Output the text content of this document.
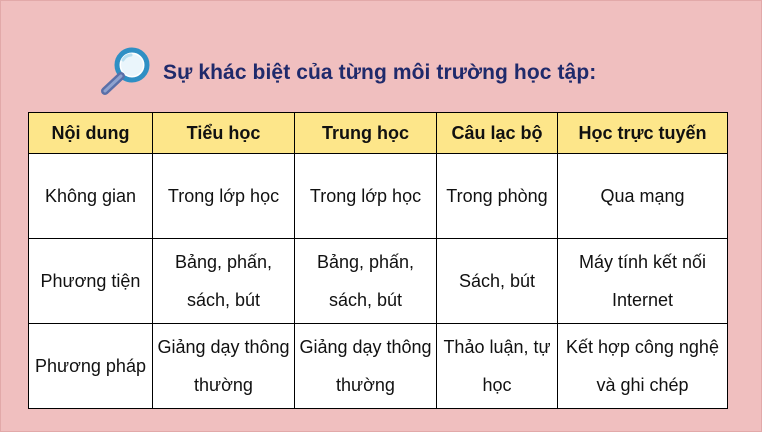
Sự khác biệt của từng môi trường học tập:
Nội dung	Tiểu học	Trung học	Câu lạc bộ	Học trực tuyến
Không gian	Trong lớp học	Trong lớp học	Trong phòng	Qua mạng
Phương tiện	Bảng, phấn, sách, bút	Bảng, phấn, sách, bút	Sách, bút	Máy tính kết nối Internet
Phương pháp	Giảng dạy thông thường	Giảng dạy thông thường	Thảo luận, tự học	Kết hợp công nghệ và ghi chép
